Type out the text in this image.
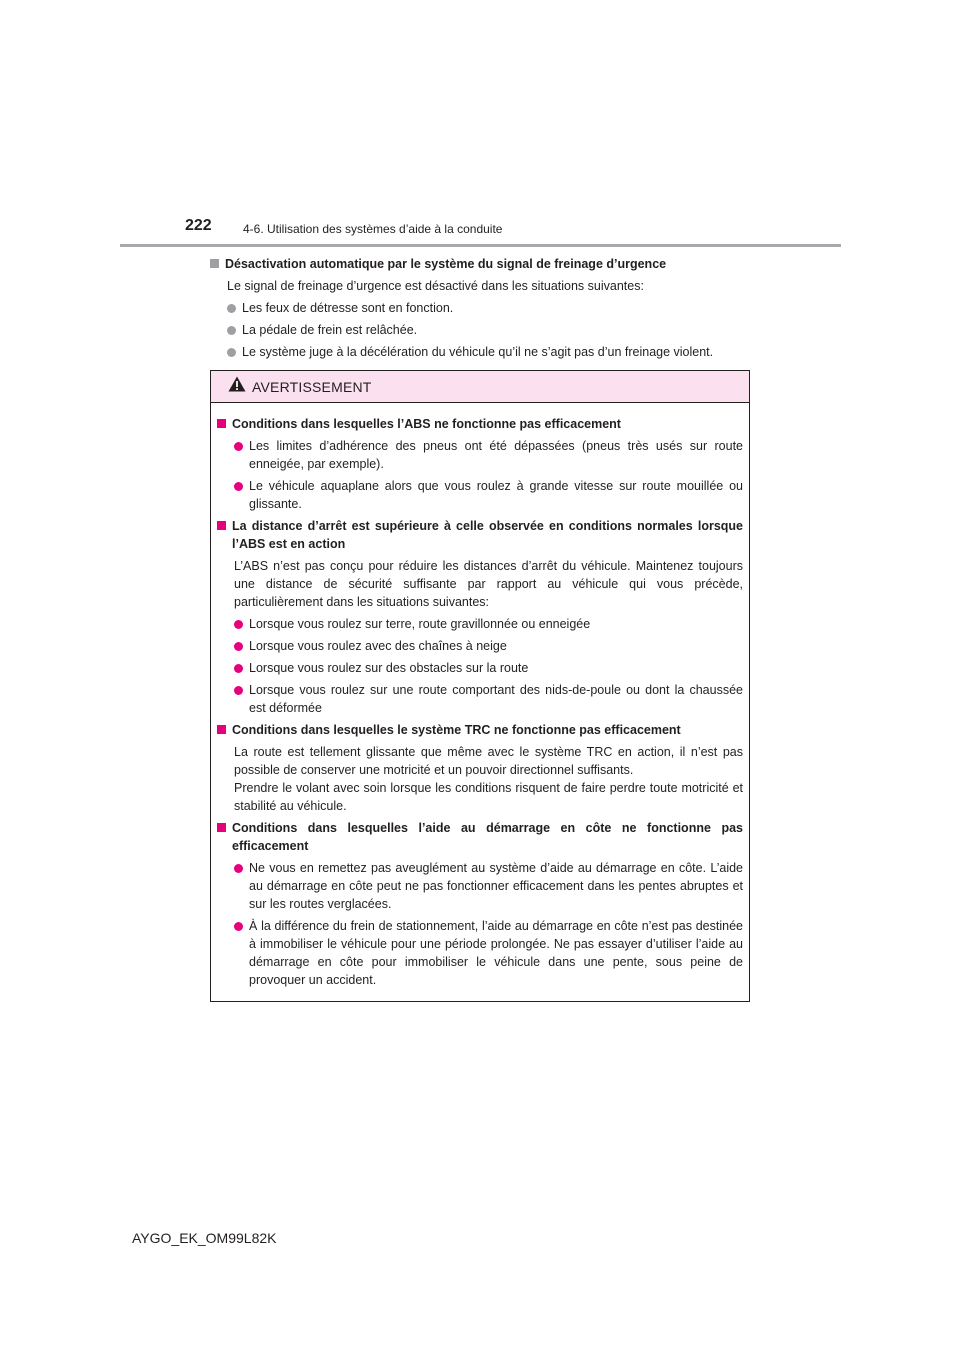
222	4-6. Utilisation des systèmes d’aide à la conduite
Désactivation automatique par le système du signal de freinage d’urgence
Le signal de freinage d’urgence est désactivé dans les situations suivantes:
Les feux de détresse sont en fonction.
La pédale de frein est relâchée.
Le système juge à la décélération du véhicule qu’il ne s’agit pas d’un freinage violent.
AVERTISSEMENT
Conditions dans lesquelles l’ABS ne fonctionne pas efficacement
Les limites d’adhérence des pneus ont été dépassées (pneus très usés sur route enneigée, par exemple).
Le véhicule aquaplane alors que vous roulez à grande vitesse sur route mouillée ou glissante.
La distance d’arrêt est supérieure à celle observée en conditions normales lorsque l’ABS est en action
L’ABS n’est pas conçu pour réduire les distances d’arrêt du véhicule. Maintenez toujours une distance de sécurité suffisante par rapport au véhicule qui vous précède, particulièrement dans les situations suivantes:
Lorsque vous roulez sur terre, route gravillonnée ou enneigée
Lorsque vous roulez avec des chaînes à neige
Lorsque vous roulez sur des obstacles sur la route
Lorsque vous roulez sur une route comportant des nids-de-poule ou dont la chaussée est déformée
Conditions dans lesquelles le système TRC ne fonctionne pas efficacement
La route est tellement glissante que même avec le système TRC en action, il n’est pas possible de conserver une motricité et un pouvoir directionnel suffisants.
Prendre le volant avec soin lorsque les conditions risquent de faire perdre toute motricité et stabilité au véhicule.
Conditions dans lesquelles l’aide au démarrage en côte ne fonctionne pas efficacement
Ne vous en remettez pas aveuglément au système d’aide au démarrage en côte. L’aide au démarrage en côte peut ne pas fonctionner efficacement dans les pentes abruptes et sur les routes verglacées.
À la différence du frein de stationnement, l’aide au démarrage en côte n’est pas destinée à immobiliser le véhicule pour une période prolongée. Ne pas essayer d’utiliser l’aide au démarrage en côte pour immobiliser le véhicule dans une pente, sous peine de provoquer un accident.
AYGO_EK_OM99L82K
